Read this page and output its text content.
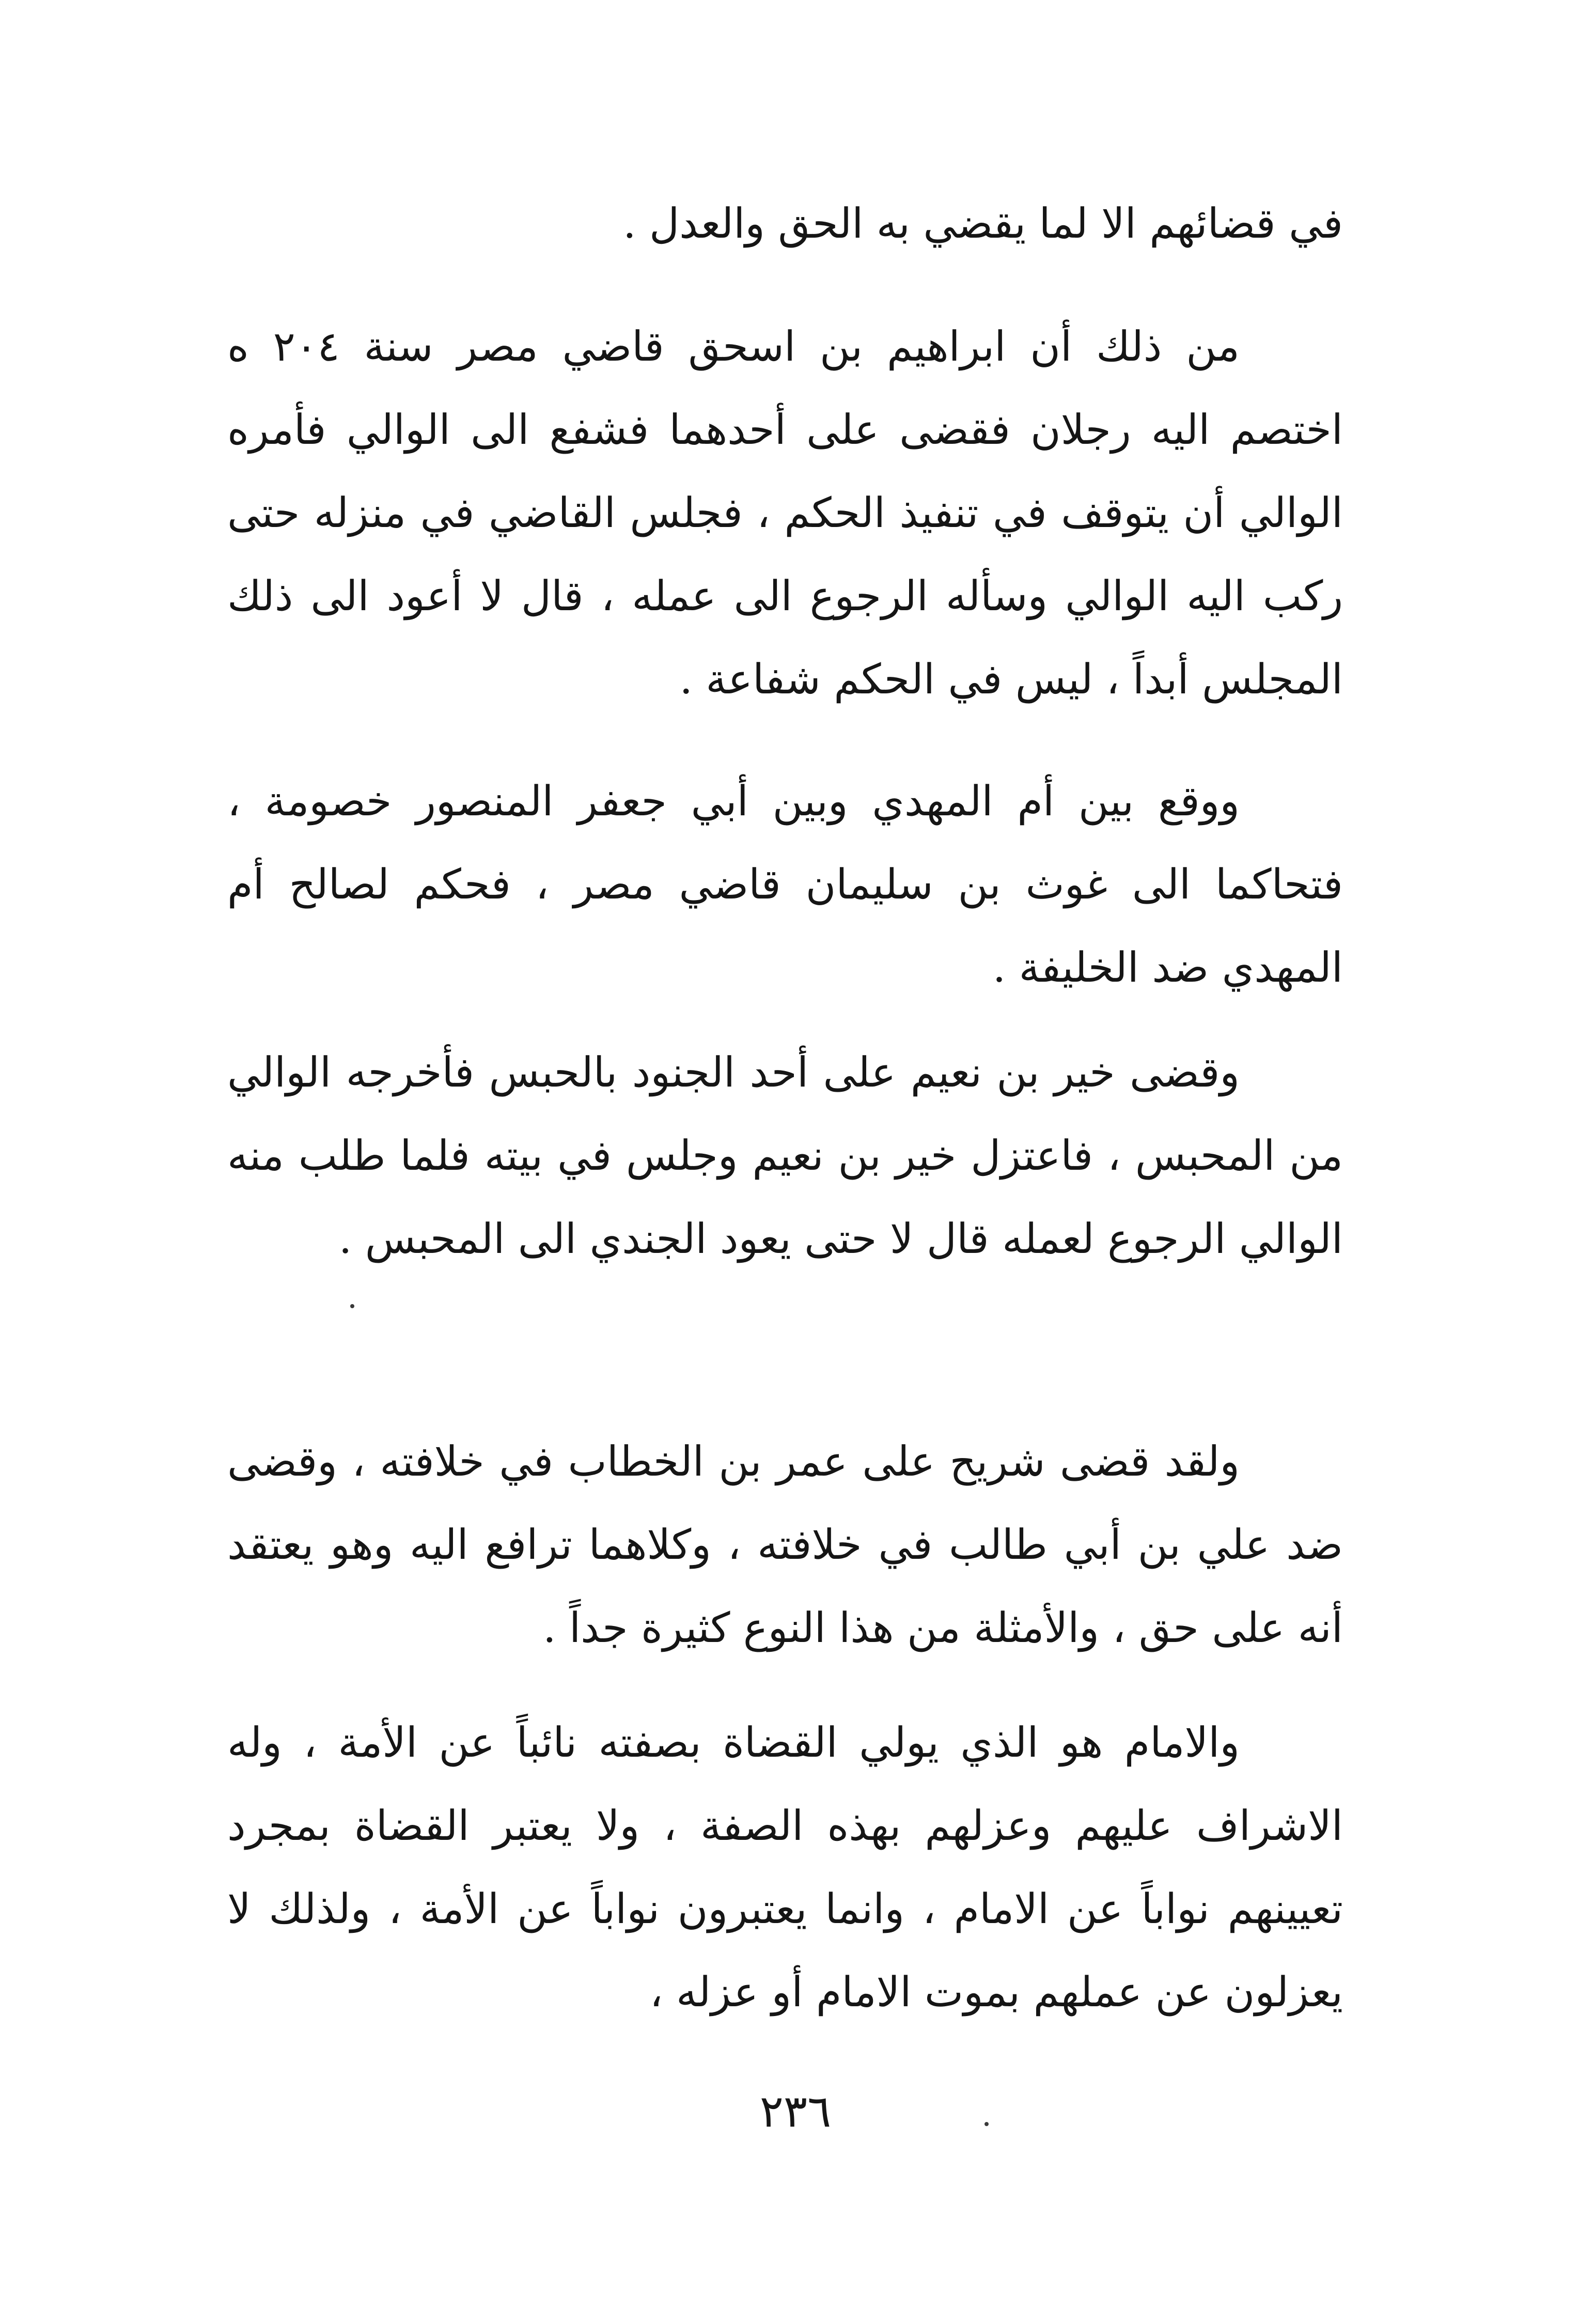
في قضائهم الا لما يقضي به الحق والعدل .

من ذلك أن ابراهيم بن اسحق قاضي مصر سنة ٢٠٤ ه اختصم اليه رجلان فقضى على أحدهما فشفع الى الوالي فأمره الوالي أن يتوقف في تنفيذ الحكم ، فجلس القاضي في منزله حتى ركب اليه الوالي وسأله الرجوع الى عمله ، قال لا أعود الى ذلك المجلس أبداً ، ليس في الحكم شفاعة .

ووقع بين أم المهدي وبين أبي جعفر المنصور خصومة ، فتحاكما الى غوث بن سليمان قاضي مصر ، فحكم لصالح أم المهدي ضد الخليفة .

وقضى خير بن نعيم على أحد الجنود بالحبس فأخرجه الوالي من المحبس ، فاعتزل خير بن نعيم وجلس في بيته فلما طلب منه الوالي الرجوع لعمله قال لا حتى يعود الجندي الى المحبس .

ولقد قضى شريح على عمر بن الخطاب في خلافته ، وقضى ضد علي بن أبي طالب في خلافته ، وكلاهما ترافع اليه وهو يعتقد أنه على حق ، والأمثلة من هذا النوع كثيرة جداً .

والامام هو الذي يولي القضاة بصفته نائباً عن الأمة ، وله الاشراف عليهم وعزلهم بهذه الصفة ، ولا يعتبر القضاة بمجرد تعيينهم نواباً عن الامام ، وانما يعتبرون نواباً عن الأمة ، ولذلك لا يعزلون عن عملهم بموت الامام أو عزله ،

٢٣٦
